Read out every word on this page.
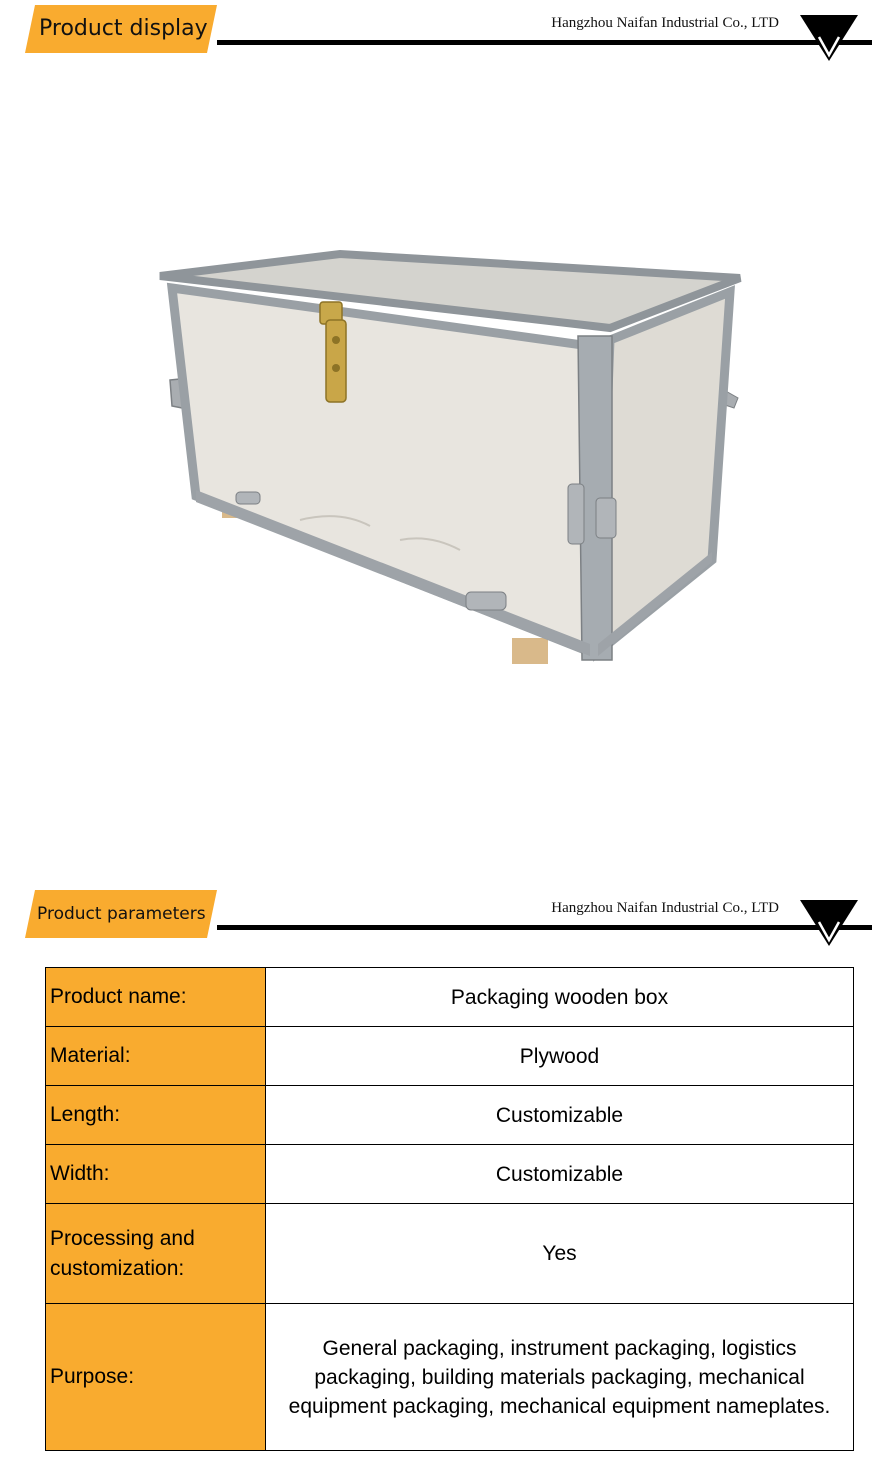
Product display	Hangzhou Naifan Industrial Co., LTD
Product parameters	Hangzhou Naifan Industrial Co., LTD
Product name:	Packaging wooden box
Material:	Plywood
Length:	Customizable
Width:	Customizable
Processing and customization:	Yes
Purpose:	General packaging, instrument packaging, logistics packaging, building materials packaging, mechanical equipment packaging, mechanical equipment nameplates.
